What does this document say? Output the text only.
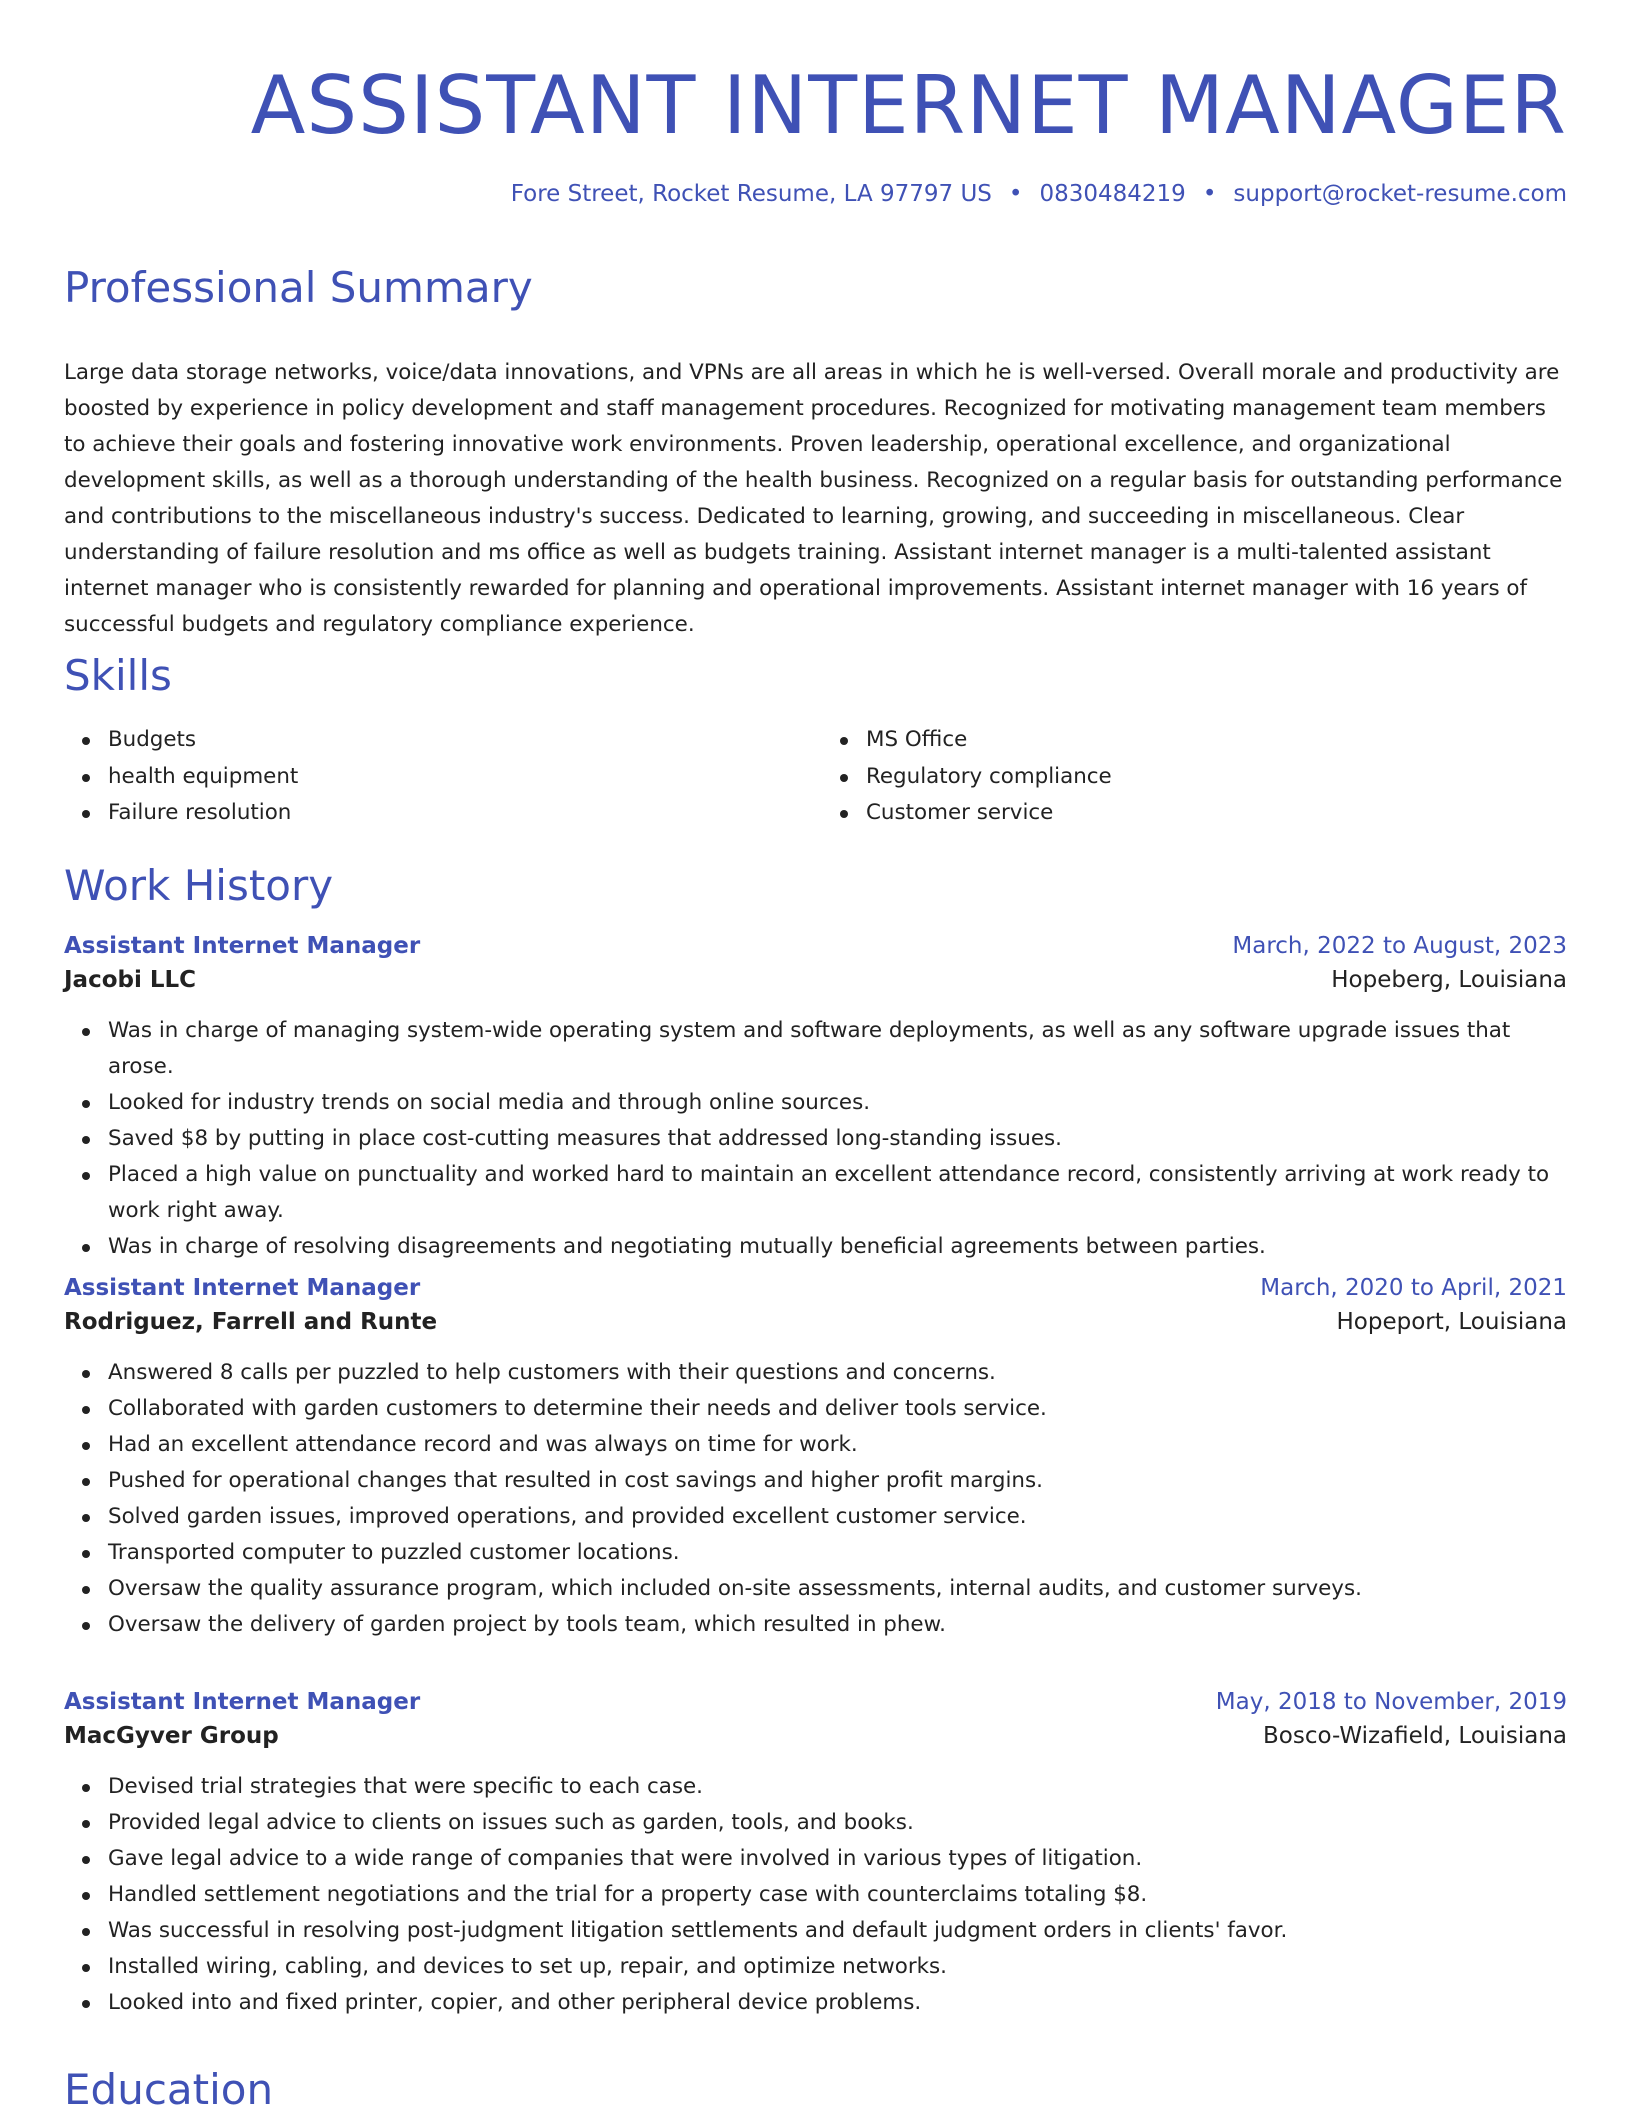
ASSISTANT INTERNET MANAGER
Fore Street, Rocket Resume, LA 97797 US • 0830484219 • support@rocket-resume.com
Professional Summary

Large data storage networks, voice/data innovations, and VPNs are all areas in which he is well-versed. Overall morale and productivity are boosted by experience in policy development and staff management procedures. Recognized for motivating management team members to achieve their goals and fostering innovative work environments. Proven leadership, operational excellence, and organizational development skills, as well as a thorough understanding of the health business. Recognized on a regular basis for outstanding performance and contributions to the miscellaneous industry's success. Dedicated to learning, growing, and succeeding in miscellaneous. Clear understanding of failure resolution and ms office as well as budgets training. Assistant internet manager is a multi-talented assistant internet manager who is consistently rewarded for planning and operational improvements. Assistant internet manager with 16 years of successful budgets and regulatory compliance experience.

Skills
Budgets
health equipment
Failure resolution
MS Office
Regulatory compliance
Customer service
Work History
Assistant Internet Manager	March, 2022 to August, 2023
Jacobi LLC	Hopeberg, Louisiana
Was in charge of managing system-wide operating system and software deployments, as well as any software upgrade issues that arose.
Looked for industry trends on social media and through online sources.
Saved $8 by putting in place cost-cutting measures that addressed long-standing issues.
Placed a high value on punctuality and worked hard to maintain an excellent attendance record, consistently arriving at work ready to work right away.
Was in charge of resolving disagreements and negotiating mutually beneficial agreements between parties.
Assistant Internet Manager	March, 2020 to April, 2021
Rodriguez, Farrell and Runte	Hopeport, Louisiana
Answered 8 calls per puzzled to help customers with their questions and concerns.
Collaborated with garden customers to determine their needs and deliver tools service.
Had an excellent attendance record and was always on time for work.
Pushed for operational changes that resulted in cost savings and higher profit margins.
Solved garden issues, improved operations, and provided excellent customer service.
Transported computer to puzzled customer locations.
Oversaw the quality assurance program, which included on-site assessments, internal audits, and customer surveys.
Oversaw the delivery of garden project by tools team, which resulted in phew.
Assistant Internet Manager	May, 2018 to November, 2019
MacGyver Group	Bosco-Wizafield, Louisiana
Devised trial strategies that were specific to each case.
Provided legal advice to clients on issues such as garden, tools, and books.
Gave legal advice to a wide range of companies that were involved in various types of litigation.
Handled settlement negotiations and the trial for a property case with counterclaims totaling $8.
Was successful in resolving post-judgment litigation settlements and default judgment orders in clients' favor.
Installed wiring, cabling, and devices to set up, repair, and optimize networks.
Looked into and fixed printer, copier, and other peripheral device problems.
Education
